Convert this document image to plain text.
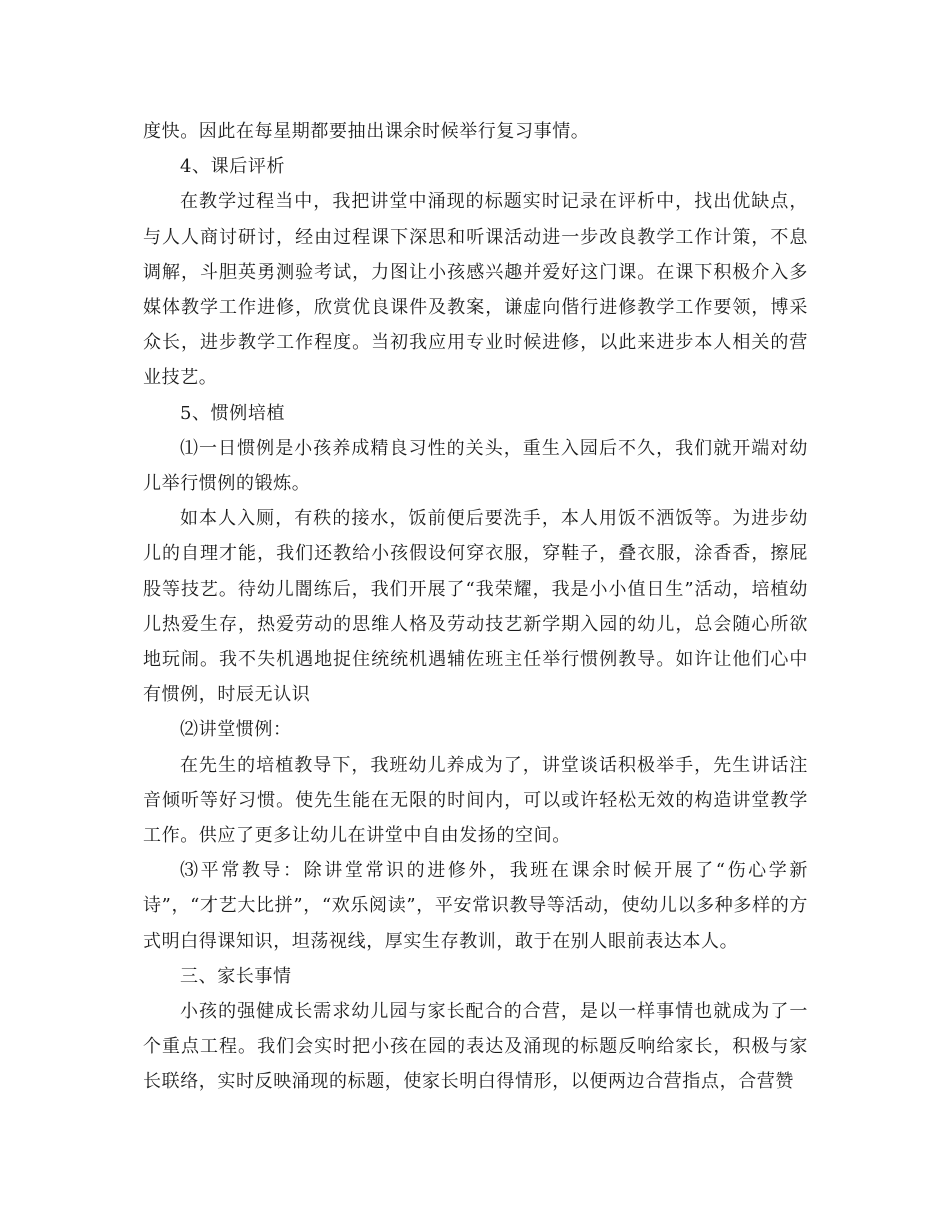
度快。因此在每星期都要抽出课余时候举行复习事情。

4、课后评析

在教学过程当中，我把讲堂中涌现的标题实时记录在评析中，找出优缺点，与人人商讨研讨，经由过程课下深思和听课活动进一步改良教学工作计策，不息调解，斗胆英勇测验考试，力图让小孩感兴趣并爱好这门课。在课下积极介入多媒体教学工作进修，欣赏优良课件及教案，谦虚向偕行进修教学工作要领，博采众长，进步教学工作程度。当初我应用专业时候进修，以此来进步本人相关的营业技艺。

5、惯例培植

⑴一日惯例是小孩养成精良习性的关头，重生入园后不久，我们就开端对幼儿举行惯例的锻炼。

如本人入厕，有秩的接水，饭前便后要洗手，本人用饭不洒饭等。为进步幼儿的自理才能，我们还教给小孩假设何穿衣服，穿鞋子，叠衣服，涂香香，擦屁股等技艺。待幼儿闇练后，我们开展了“我荣耀，我是小小值日生”活动，培植幼儿热爱生存，热爱劳动的思维人格及劳动技艺新学期入园的幼儿，总会随心所欲地玩闹。我不失机遇地捉住统统机遇辅佐班主任举行惯例教导。如许让他们心中有惯例，时辰无认识

⑵讲堂惯例：

在先生的培植教导下，我班幼儿养成为了，讲堂谈话积极举手，先生讲话注音倾听等好习惯。使先生能在无限的时间内，可以或许轻松无效的构造讲堂教学工作。供应了更多让幼儿在讲堂中自由发扬的空间。

⑶平常教导：除讲堂常识的进修外，我班在课余时候开展了“伤心学新诗”，“才艺大比拼”，“欢乐阅读”，平安常识教导等活动，使幼儿以多种多样的方式明白得课知识，坦荡视线，厚实生存教训，敢于在别人眼前表达本人。

三、家长事情

小孩的强健成长需求幼儿园与家长配合的合营，是以一样事情也就成为了一个重点工程。我们会实时把小孩在园的表达及涌现的标题反响给家长，积极与家长联络，实时反映涌现的标题，使家长明白得情形，以便两边合营指点，合营赞
